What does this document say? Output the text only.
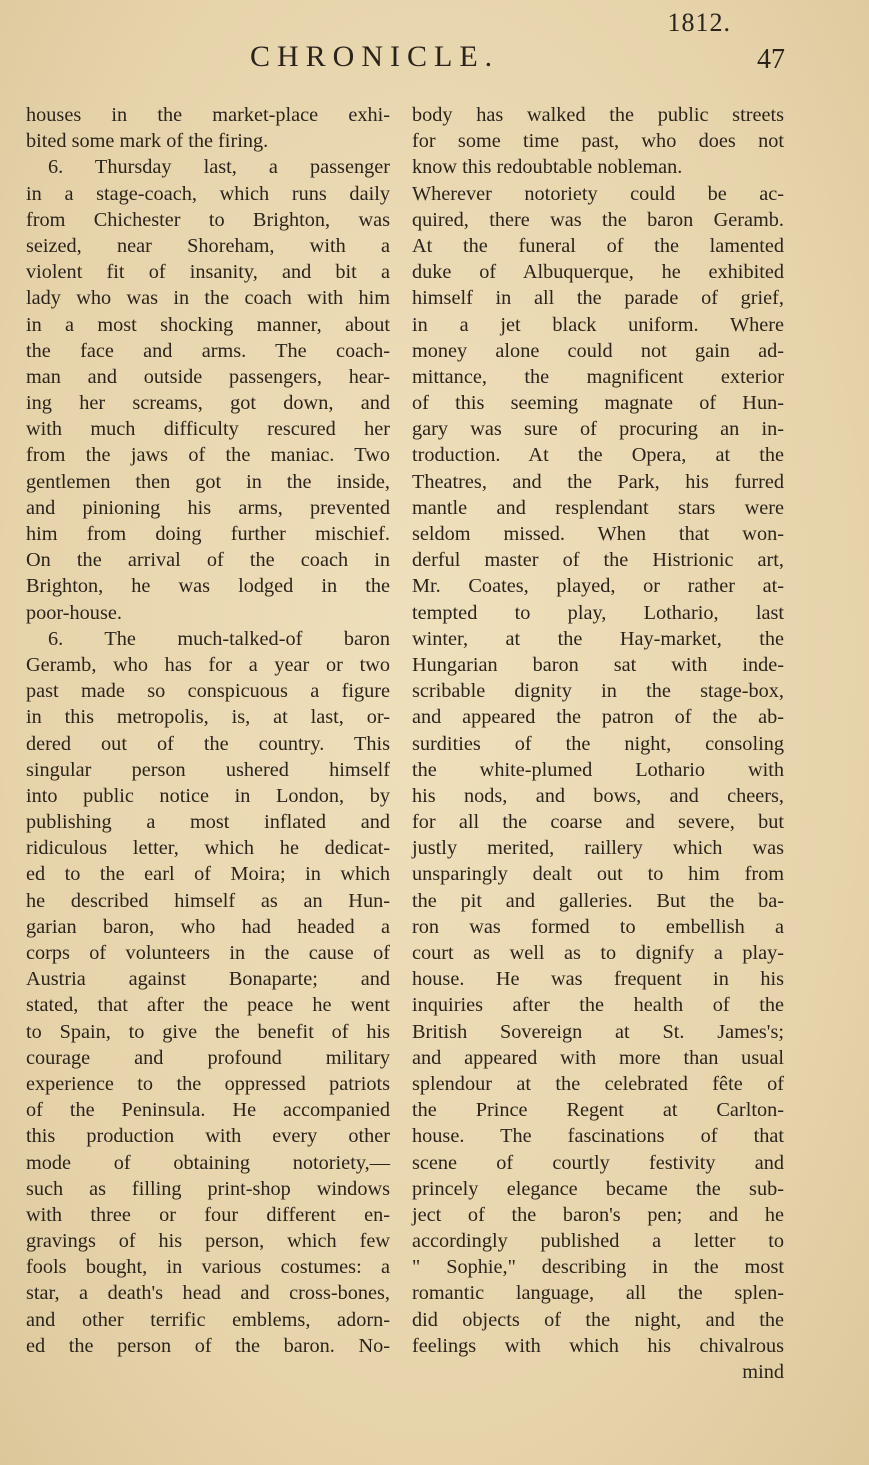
1812.
CHRONICLE.	47
houses in the market-place exhi-
bited some mark of the firing.
6. Thursday last, a passenger
in a stage-coach, which runs daily
from Chichester to Brighton, was
seized, near Shoreham, with a
violent fit of insanity, and bit a
lady who was in the coach with him
in a most shocking manner, about
the face and arms. The coach-
man and outside passengers, hear-
ing her screams, got down, and
with much difficulty rescured her
from the jaws of the maniac. Two
gentlemen then got in the inside,
and pinioning his arms, prevented
him from doing further mischief.
On the arrival of the coach in
Brighton, he was lodged in the
poor-house.
6. The much-talked-of baron
Geramb, who has for a year or two
past made so conspicuous a figure
in this metropolis, is, at last, or-
dered out of the country. This
singular person ushered himself
into public notice in London, by
publishing a most inflated and
ridiculous letter, which he dedicat-
ed to the earl of Moira; in which
he described himself as an Hun-
garian baron, who had headed a
corps of volunteers in the cause of
Austria against Bonaparte; and
stated, that after the peace he went
to Spain, to give the benefit of his
courage and profound military
experience to the oppressed patriots
of the Peninsula. He accompanied
this production with every other
mode of obtaining notoriety,—
such as filling print-shop windows
with three or four different en-
gravings of his person, which few
fools bought, in various costumes: a
star, a death's head and cross-bones,
and other terrific emblems, adorn-
ed the person of the baron. No-
body has walked the public streets
for some time past, who does not
know this redoubtable nobleman.
Wherever notoriety could be ac-
quired, there was the baron Geramb.
At the funeral of the lamented
duke of Albuquerque, he exhibited
himself in all the parade of grief,
in a jet black uniform. Where
money alone could not gain ad-
mittance, the magnificent exterior
of this seeming magnate of Hun-
gary was sure of procuring an in-
troduction. At the Opera, at the
Theatres, and the Park, his furred
mantle and resplendant stars were
seldom missed. When that won-
derful master of the Histrionic art,
Mr. Coates, played, or rather at-
tempted to play, Lothario, last
winter, at the Hay-market, the
Hungarian baron sat with inde-
scribable dignity in the stage-box,
and appeared the patron of the ab-
surdities of the night, consoling
the white-plumed Lothario with
his nods, and bows, and cheers,
for all the coarse and severe, but
justly merited, raillery which was
unsparingly dealt out to him from
the pit and galleries. But the ba-
ron was formed to embellish a
court as well as to dignify a play-
house. He was frequent in his
inquiries after the health of the
British Sovereign at St. James's;
and appeared with more than usual
splendour at the celebrated fête of
the Prince Regent at Carlton-
house. The fascinations of that
scene of courtly festivity and
princely elegance became the sub-
ject of the baron's pen; and he
accordingly published a letter to
" Sophie," describing in the most
romantic language, all the splen-
did objects of the night, and the
feelings with which his chivalrous
mind
